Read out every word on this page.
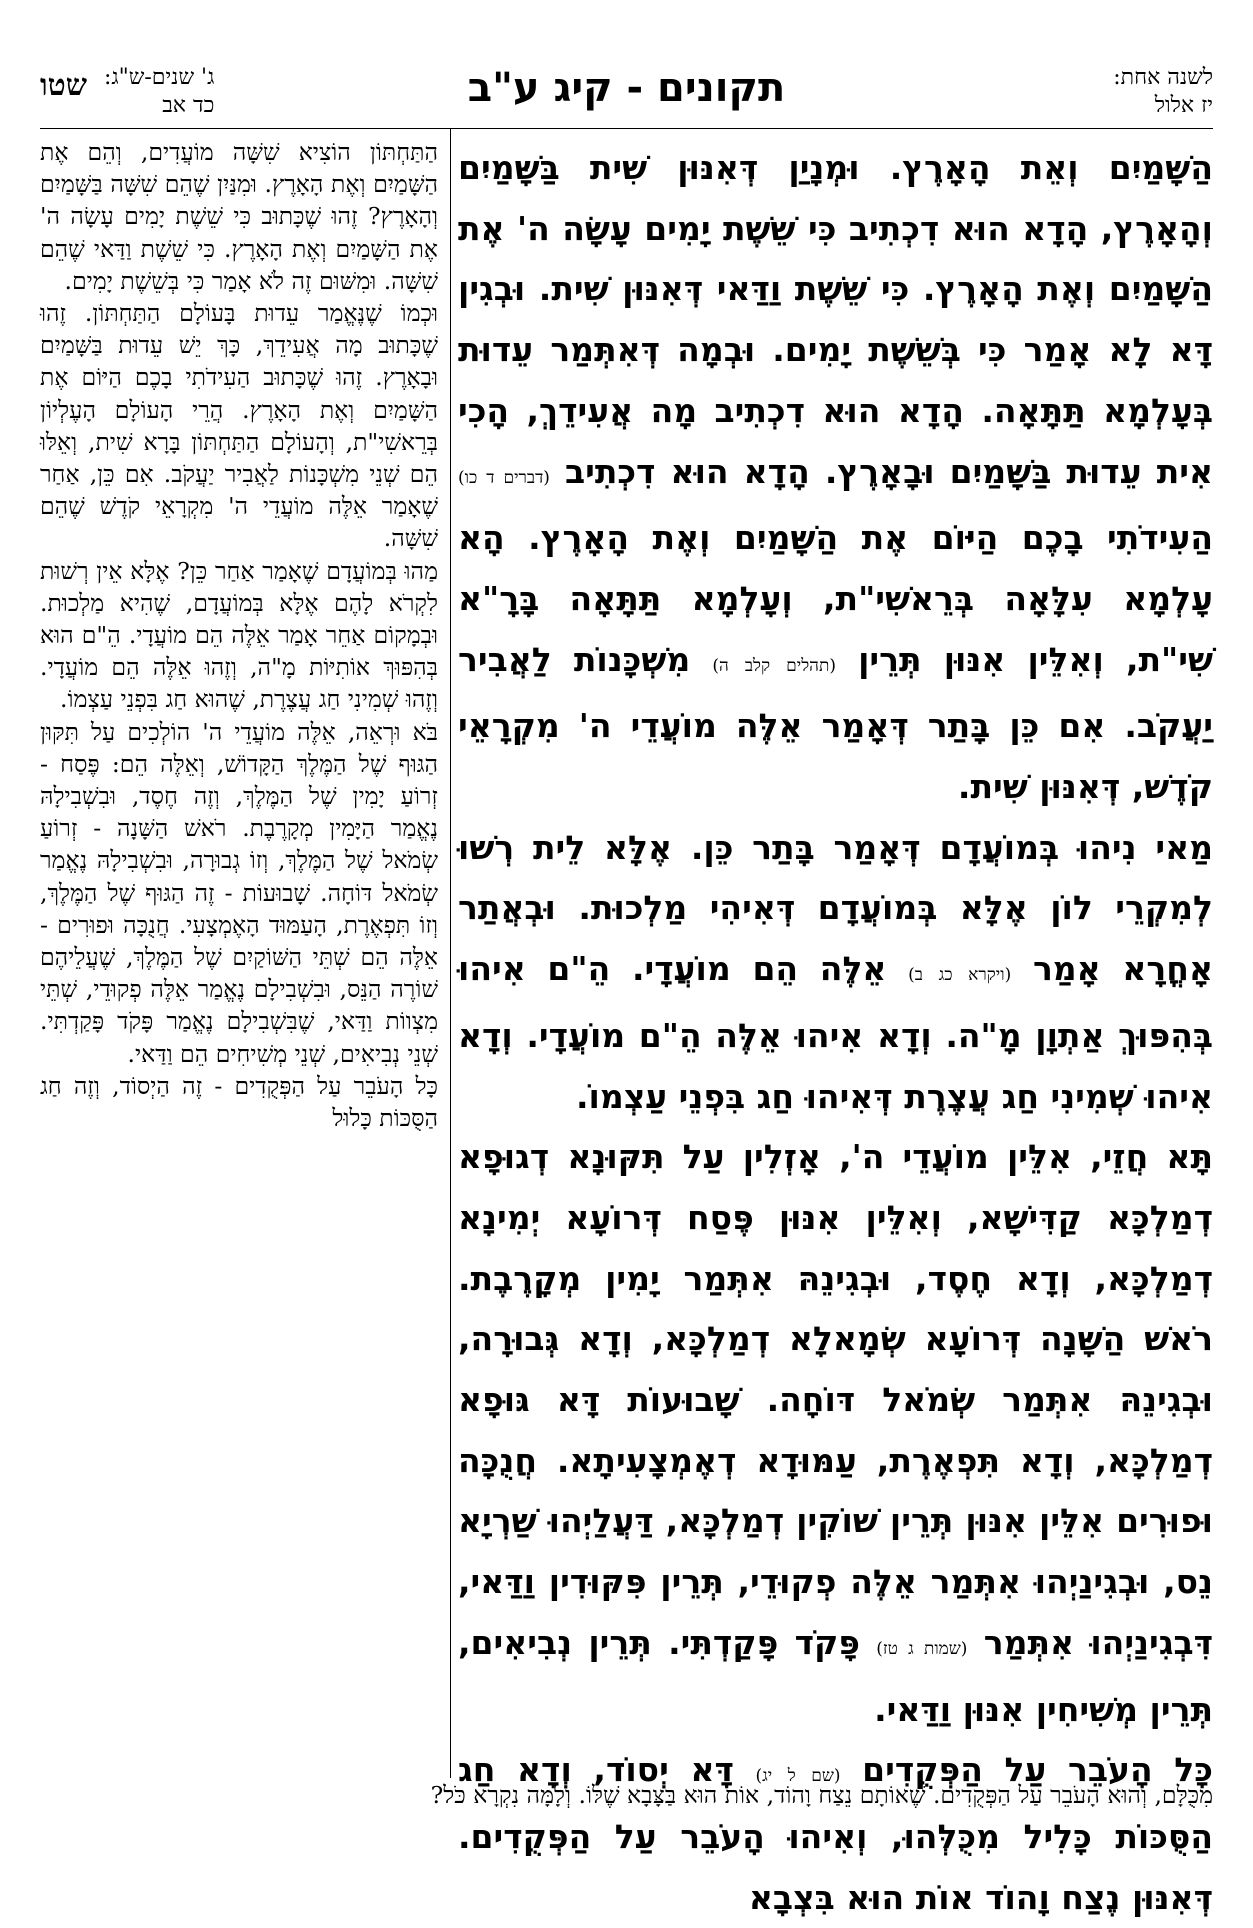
לשנה אחת:
יז אלול
תקונים - קיג ע"ב
ג' שנים-ש"ג:
כד אב
שטו

הַשָּׁמַיִם וְאֵת הָאָרֶץ. וּמְנָיַן דְּאִנּוּן שִׁית בַּשָּׁמַיִם וְהָאָרֶץ, הָדָא הוּא דִכְתִיב כִּי שֵׁשֶׁת יָמִים עָשָׂה ה' אֶת הַשָּׁמַיִם וְאֶת הָאָרֶץ. כִּי שֵׁשֶׁת וַדַּאי דְּאִנּוּן שִׁית. וּבְגִין דָּא לָא אָמַר כִּי בְּשֵׁשֶׁת יָמִים. וּבְמָה דְּאִתְּמַר עֵדוּת בְּעָלְמָא תַּתָּאָה. הָדָא הוּא דִכְתִיב מָה אֲעִידֵךְ, הָכִי אִית עֵדוּת בַּשָּׁמַיִם וּבָאָרֶץ. הָדָא הוּא דִכְתִיב (דברים ד כו) הַעִידֹתִי בָכֶם הַיּוֹם אֶת הַשָּׁמַיִם וְאֶת הָאָרֶץ. הָא עָלְמָא עִלָּאָה בְּרֵאשִׁי"ת, וְעָלְמָא תַּתָּאָה בָּרָ"א שִׁי"ת, וְאִלֵּין אִנּוּן תְּרֵין (תהלים קלב ה) מִשְׁכָּנוֹת לַאֲבִיר יַעֲקֹב. אִם כֵּן בָּתַר דְּאָמַר אֵלֶּה מוֹעֲדֵי ה' מִקְרָאֵי קֹדֶשׁ, דְּאִנּוּן שִׁית.

מַאי נִיהוּ בְּמוֹעֲדָם דְּאָמַר בָּתַר כֵּן. אֶלָּא לֵית רְשׁוּ לְמִקְרֵי לוֹן אֶלָּא בְּמוֹעֲדָם דְּאִיהִי מַלְכוּת. וּבְאֲתַר אָחֳרָא אָמַר (ויקרא כג ב) אֵלֶּה הֵם מוֹעֲדָי. הֵ"ם אִיהוּ בְּהִפּוּךְ אַתְוָן מָ"ה. וְדָא אִיהוּ אֵלֶּה הֵ"ם מוֹעֲדָי. וְדָא אִיהוּ שְׁמִינִי חַג עֲצֶרֶת דְּאִיהוּ חַג בִּפְנֵי עַצְמוֹ.

תָּא חֲזֵי, אִלֵּין מוֹעֲדֵי ה', אָזְלִין עַל תִּקּוּנָא דְגוּפָא דְמַלְכָּא קַדִּישָׁא, וְאִלֵּין אִנּוּן פֶּסַח דְּרוֹעָא יְמִינָא דְמַלְכָּא, וְדָא חֶסֶד, וּבְגִינֵהּ אִתְּמַר יָמִין מְקָרֶבֶת. רֹאשׁ הַשָּׁנָה דְּרוֹעָא שְׂמָאלָא דְמַלְכָּא, וְדָא גְּבוּרָה, וּבְגִינֵהּ אִתְּמַר שְׂמֹאל דּוֹחָה. שָׁבוּעוֹת דָּא גּוּפָא דְמַלְכָּא, וְדָא תִּפְאֶרֶת, עַמּוּדָא דְאֶמְצָעִיתָא. חֲנֻכָּה וּפוּרִים אִלֵּין אִנּוּן תְּרֵין שׁוֹקִין דְמַלְכָּא, דַּעֲלַיְהוּ שַׁרְיָא נֵס, וּבְגִינַיְהוּ אִתְּמַר אֵלֶּה פְקוּדֵי, תְּרֵין פִּקּוּדִין וַדַּאי, דִּבְגִינַיְהוּ אִתְּמַר (שמות ג טז) פָּקֹד פָּקַדְתִּי. תְּרֵין נְבִיאִים, תְּרֵין מְשִׁיחִין אִנּוּן וַדַּאי.

כָּל הָעֹבֵר עַל הַפְּקֻדִים (שם ל יג) דָּא יְסוֹד, וְדָא חַג הַסֻּכּוֹת כָּלִיל מִכֻּלְּהוּ, וְאִיהוּ הָעֹבֵר עַל הַפְּקֻדִים. דְּאִנּוּן נֶצַח וָהוֹד אוֹת הוּא בִּצְבָא

הַתַּחְתּוֹן הוֹצִיא שִׁשָּׁה מוֹעֲדִים, וְהֵם אֶת הַשָּׁמַיִם וְאֶת הָאָרֶץ. וּמִנַּיִן שֶׁהֵם שִׁשָּׁה בַּשָּׁמַיִם וְהָאָרֶץ? זֶהוּ שֶׁכָּתוּב כִּי שֵׁשֶׁת יָמִים עָשָׂה ה' אֶת הַשָּׁמַיִם וְאֶת הָאָרֶץ. כִּי שֵׁשֶׁת וַדַּאי שֶׁהֵם שִׁשָּׁה. וּמִשּׁוּם זֶה לֹא אָמַר כִּי בְּשֵׁשֶׁת יָמִים.

וּכְמוֹ שֶׁנֶּאֱמַר עֵדוּת בָּעוֹלָם הַתַּחְתּוֹן. זֶהוּ שֶׁכָּתוּב מָה אֲעִידֵךְ, כָּךְ יֵשׁ עֵדוּת בַּשָּׁמַיִם וּבָאָרֶץ. זֶהוּ שֶׁכָּתוּב הַעִידֹתִי בָכֶם הַיּוֹם אֶת הַשָּׁמַיִם וְאֶת הָאָרֶץ. הֲרֵי הָעוֹלָם הָעֶלְיוֹן בְּרֵאשִׁי"ת, וְהָעוֹלָם הַתַּחְתּוֹן בָּרָא שִׁית, וְאֵלּוּ הֵם שְׁנֵי מִשְׁכָּנוֹת לַאֲבִיר יַעֲקֹב. אִם כֵּן, אַחַר שֶׁאָמַר אֵלֶּה מוֹעֲדֵי ה' מִקְרָאֵי קֹדֶשׁ שֶׁהֵם שִׁשָּׁה.

מַהוּ בְּמוֹעֲדָם שֶׁאָמַר אַחַר כֵּן? אֶלָּא אֵין רְשׁוּת לִקְרֹא לָהֶם אֶלָּא בְּמוֹעֲדָם, שֶׁהִיא מַלְכוּת. וּבְמָקוֹם אַחֵר אָמַר אֵלֶּה הֵם מוֹעֲדָי. הֵ"ם הוּא בְּהִפּוּךְ אוֹתִיּוֹת מָ"ה, וְזֶהוּ אֵלֶּה הֵם מוֹעֲדָי. וְזֶהוּ שְׁמִינִי חַג עֲצֶרֶת, שֶׁהוּא חַג בִּפְנֵי עַצְמוֹ.

בֹּא וּרְאֵה, אֵלֶּה מוֹעֲדֵי ה' הוֹלְכִים עַל תִּקּוּן הַגּוּף שֶׁל הַמֶּלֶךְ הַקָּדוֹשׁ, וְאֵלֶּה הֵם: פֶּסַח - זְרוֹעַ יָמִין שֶׁל הַמֶּלֶךְ, וְזֶה חֶסֶד, וּבִשְׁבִילָהּ נֶאֱמַר הַיָּמִין מְקָרֶבֶת. רֹאשׁ הַשָּׁנָה - זְרוֹעַ שְׂמֹאל שֶׁל הַמֶּלֶךְ, וְזוֹ גְבוּרָה, וּבִשְׁבִילָהּ נֶאֱמַר שְׂמֹאל דּוֹחָה. שָׁבוּעוֹת - זֶה הַגּוּף שֶׁל הַמֶּלֶךְ, וְזוֹ תִּפְאֶרֶת, הָעַמּוּד הָאֶמְצָעִי. חֲנֻכָּה וּפוּרִים - אֵלֶּה הֵם שְׁתֵּי הַשּׁוֹקַיִם שֶׁל הַמֶּלֶךְ, שֶׁעֲלֵיהֶם שׁוֹרֶה הַנֵּס, וּבִשְׁבִילָם נֶאֱמַר אֵלֶּה פְקוּדֵי, שְׁתֵּי מִצְווֹת וַדַּאי, שֶׁבִּשְׁבִילָם נֶאֱמַר פָּקֹד פָּקַדְתִּי. שְׁנֵי נְבִיאִים, שְׁנֵי מְשִׁיחִים הֵם וַדַּאי.

כָּל הָעֹבֵר עַל הַפְּקֻדִים - זֶה הַיְסוֹד, וְזֶה חַג הַסֻּכּוֹת כָּלוּל

מִכֻּלָּם, וְהוּא הָעֹבֵר עַל הַפְּקֻדִים. שֶׁאוֹתָם נֵצַח וָהוֹד, אוֹת הוּא בַּצָּבָא שֶׁלּוֹ. וְלָמָּה נִקְרָא כֹּל?
